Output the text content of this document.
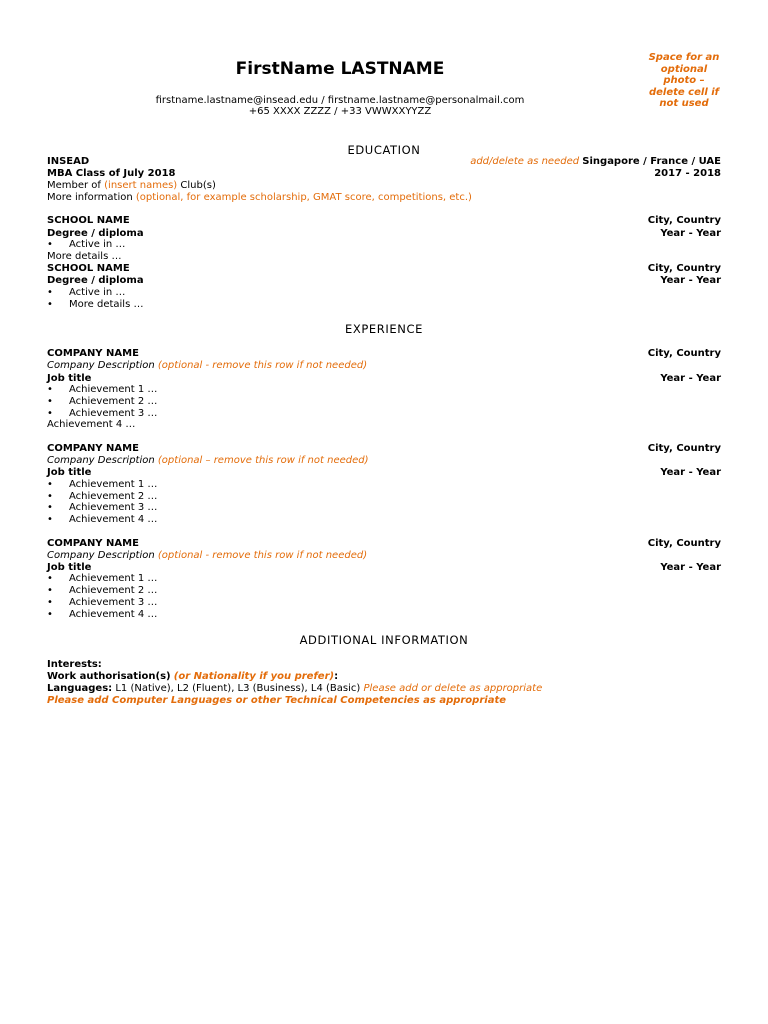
FirstName LASTNAME
firstname.lastname@insead.edu / firstname.lastname@personalmail.com
+65 XXXX ZZZZ / +33 VWWXXYYZZ
Space for an optional photo – delete cell if not used
EDUCATION
INSEAD	add/delete as needed Singapore / France / UAE
MBA Class of July 2018	2017 - 2018
Member of (insert names) Club(s)
More information (optional, for example scholarship, GMAT score, competitions, etc.)
SCHOOL NAME	City, Country
Degree / diploma	Year - Year
• Active in …
More details …
SCHOOL NAME	City, Country
Degree / diploma	Year - Year
• Active in …
• More details …
EXPERIENCE
COMPANY NAME	City, Country
Company Description (optional - remove this row if not needed)
Job title	Year - Year
• Achievement 1 …
• Achievement 2 …
• Achievement 3 …
Achievement 4 …
COMPANY NAME	City, Country
Company Description (optional – remove this row if not needed)
Job title	Year - Year
• Achievement 1 …
• Achievement 2 …
• Achievement 3 …
• Achievement 4 …
COMPANY NAME	City, Country
Company Description (optional - remove this row if not needed)
Job title	Year - Year
• Achievement 1 …
• Achievement 2 …
• Achievement 3 …
• Achievement 4 …
ADDITIONAL INFORMATION
Interests:
Work authorisation(s) (or Nationality if you prefer):
Languages: L1 (Native), L2 (Fluent), L3 (Business), L4 (Basic) Please add or delete as appropriate
Please add Computer Languages or other Technical Competencies as appropriate
